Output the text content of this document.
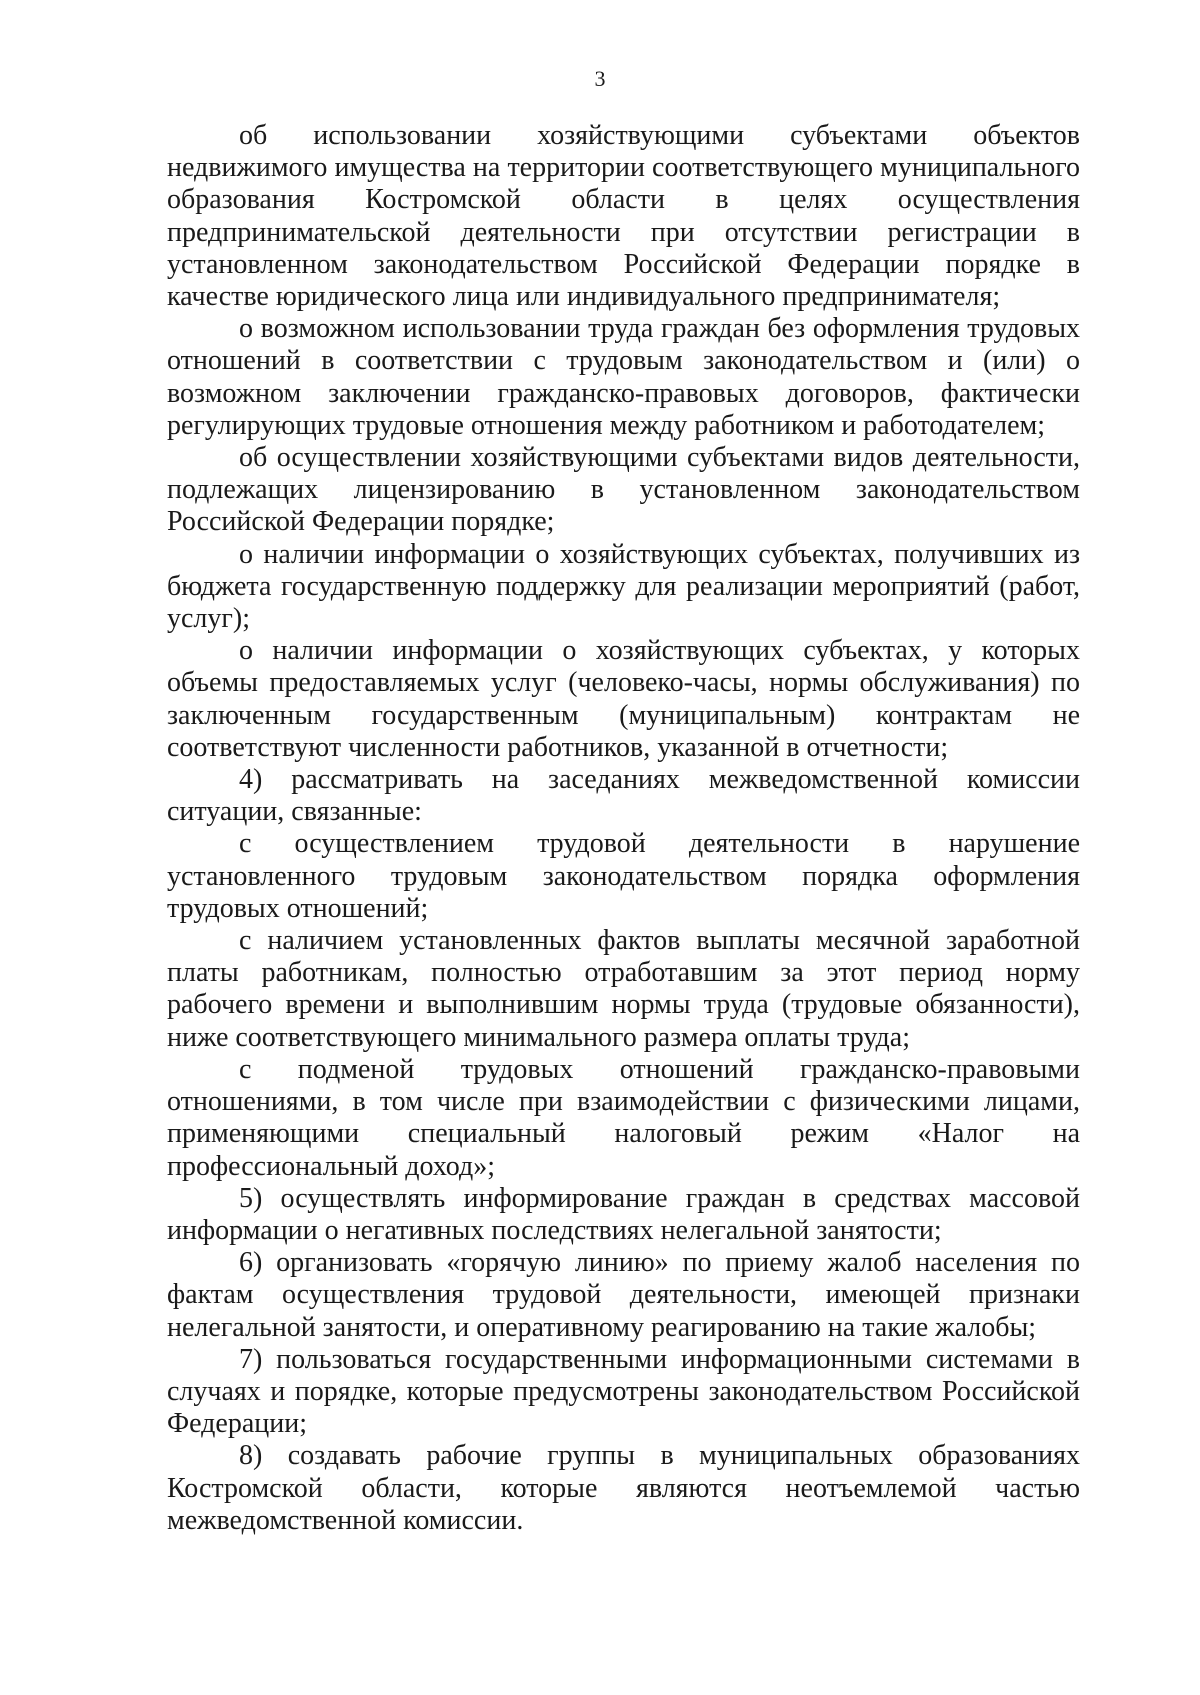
3

об использовании хозяйствующими субъектами объектов недвижимого имущества на территории соответствующего муниципального образования Костромской области в целях осуществления предпринимательской деятельности при отсутствии регистрации в установленном законодательством Российской Федерации порядке в качестве юридического лица или индивидуального предпринимателя;

о возможном использовании труда граждан без оформления трудовых отношений в соответствии с трудовым законодательством и (или) о возможном заключении гражданско-правовых договоров, фактически регулирующих трудовые отношения между работником и работодателем;

об осуществлении хозяйствующими субъектами видов деятельности, подлежащих лицензированию в установленном законодательством Российской Федерации порядке;

о наличии информации о хозяйствующих субъектах, получивших из бюджета государственную поддержку для реализации мероприятий (работ, услуг);

о наличии информации о хозяйствующих субъектах, у которых объемы предоставляемых услуг (человеко-часы, нормы обслуживания) по заключенным государственным (муниципальным) контрактам не соответствуют численности работников, указанной в отчетности;

4) рассматривать на заседаниях межведомственной комиссии ситуации, связанные:

с осуществлением трудовой деятельности в нарушение установленного трудовым законодательством порядка оформления трудовых отношений;

с наличием установленных фактов выплаты месячной заработной платы работникам, полностью отработавшим за этот период норму рабочего времени и выполнившим нормы труда (трудовые обязанности), ниже соответствующего минимального размера оплаты труда;

с подменой трудовых отношений гражданско-правовыми отношениями, в том числе при взаимодействии с физическими лицами, применяющими специальный налоговый режим «Налог на профессиональный доход»;

5) осуществлять информирование граждан в средствах массовой информации о негативных последствиях нелегальной занятости;

6) организовать «горячую линию» по приему жалоб населения по фактам осуществления трудовой деятельности, имеющей признаки нелегальной занятости, и оперативному реагированию на такие жалобы;

7) пользоваться государственными информационными системами в случаях и порядке, которые предусмотрены законодательством Российской Федерации;

8) создавать рабочие группы в муниципальных образованиях Костромской области, которые являются неотъемлемой частью межведомственной комиссии.
